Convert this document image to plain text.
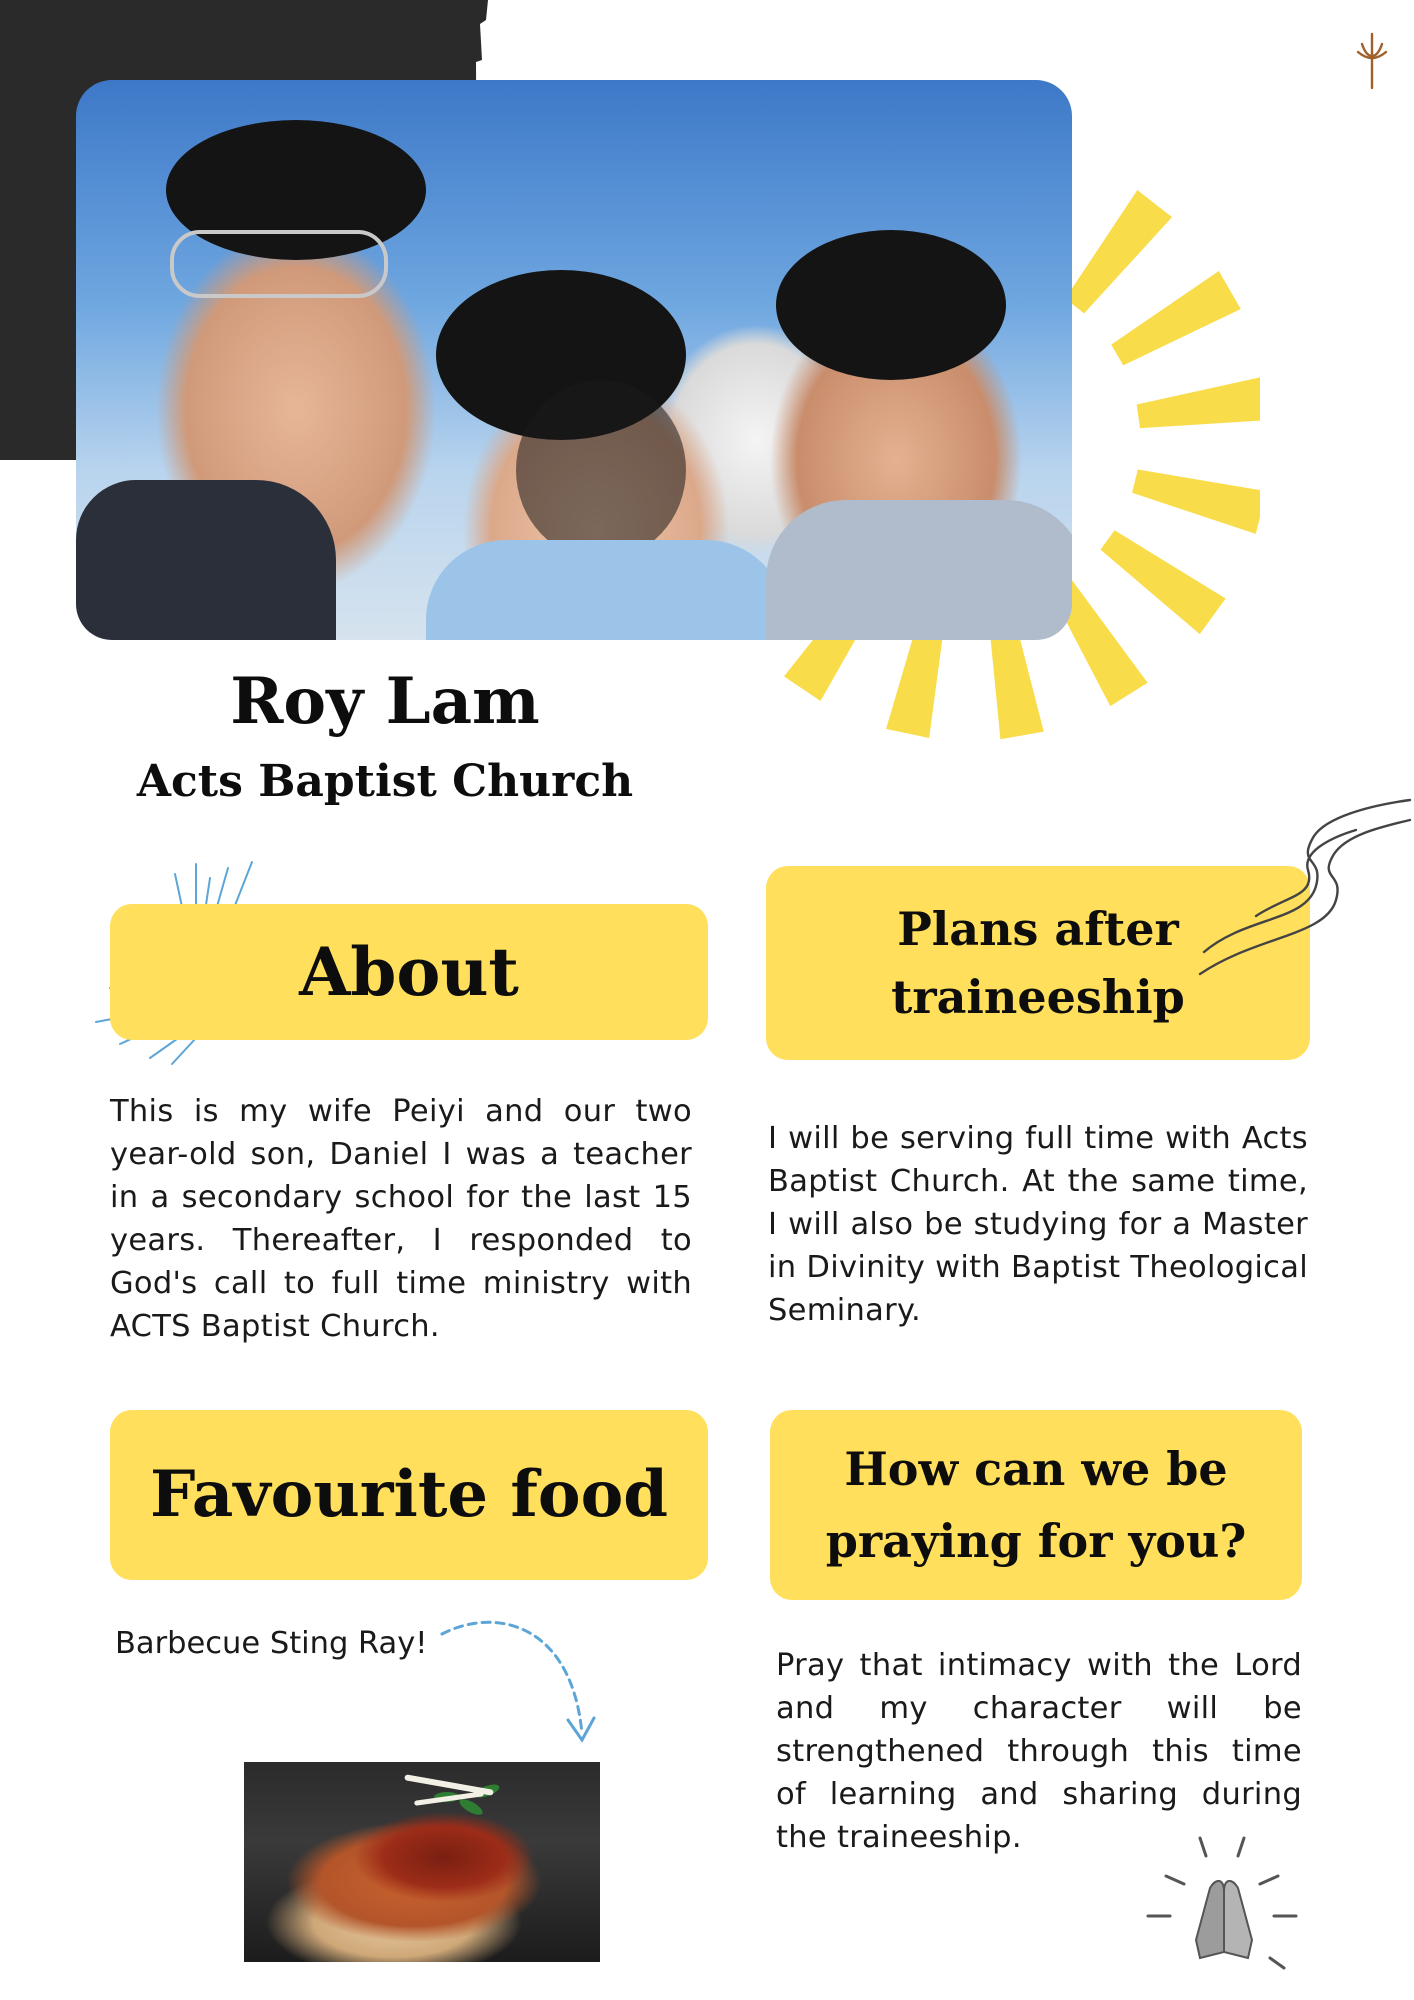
Roy Lam
Acts Baptist Church
About
This is my wife Peiyi and our two year-old son, Daniel I was a teacher in a secondary school for the last 15 years. Thereafter, I responded to God's call to full time ministry with ACTS Baptist Church.
Plans after
traineeship
I will be serving full time with Acts Baptist Church. At the same time, I will also be studying for a Master in Divinity with Baptist Theological Seminary.
Favourite food
Barbecue Sting Ray!
How can we be
praying for you?
Pray that intimacy with the Lord and my character will be strengthened through this time of learning and sharing during the traineeship.
